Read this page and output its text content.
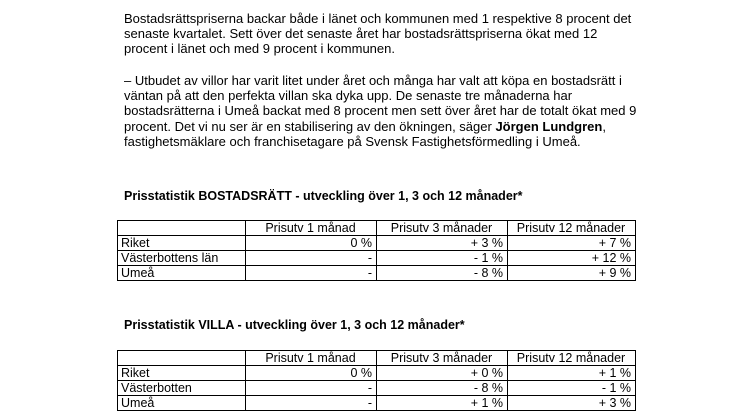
Bostadsrättspriserna backar både i länet och kommunen med 1 respektive 8 procent det senaste kvartalet. Sett över det senaste året har bostadsrättspriserna ökat med 12 procent i länet och med 9 procent i kommunen.

– Utbudet av villor har varit litet under året och många har valt att köpa en bostadsrätt i väntan på att den perfekta villan ska dyka upp. De senaste tre månaderna har bostadsrätterna i Umeå backat med 8 procent men sett över året har de totalt ökat med 9 procent. Det vi nu ser är en stabilisering av den ökningen, säger Jörgen Lundgren, fastighetsmäklare och franchisetagare på Svensk Fastighetsförmedling i Umeå.

Prisstatistik BOSTADSRÄTT - utveckling över 1, 3 och 12 månader*

	Prisutv 1 månad	Prisutv 3 månader	Prisutv 12 månader
Riket	0 %	+ 3 %	+ 7 %
Västerbottens län	-	- 1 %	+ 12 %
Umeå	-	- 8 %	+ 9 %

Prisstatistik VILLA - utveckling över 1, 3 och 12 månader*

	Prisutv 1 månad	Prisutv 3 månader	Prisutv 12 månader
Riket	0 %	+ 0 %	+ 1 %
Västerbotten	-	- 8 %	- 1 %
Umeå	-	+ 1 %	+ 3 %
